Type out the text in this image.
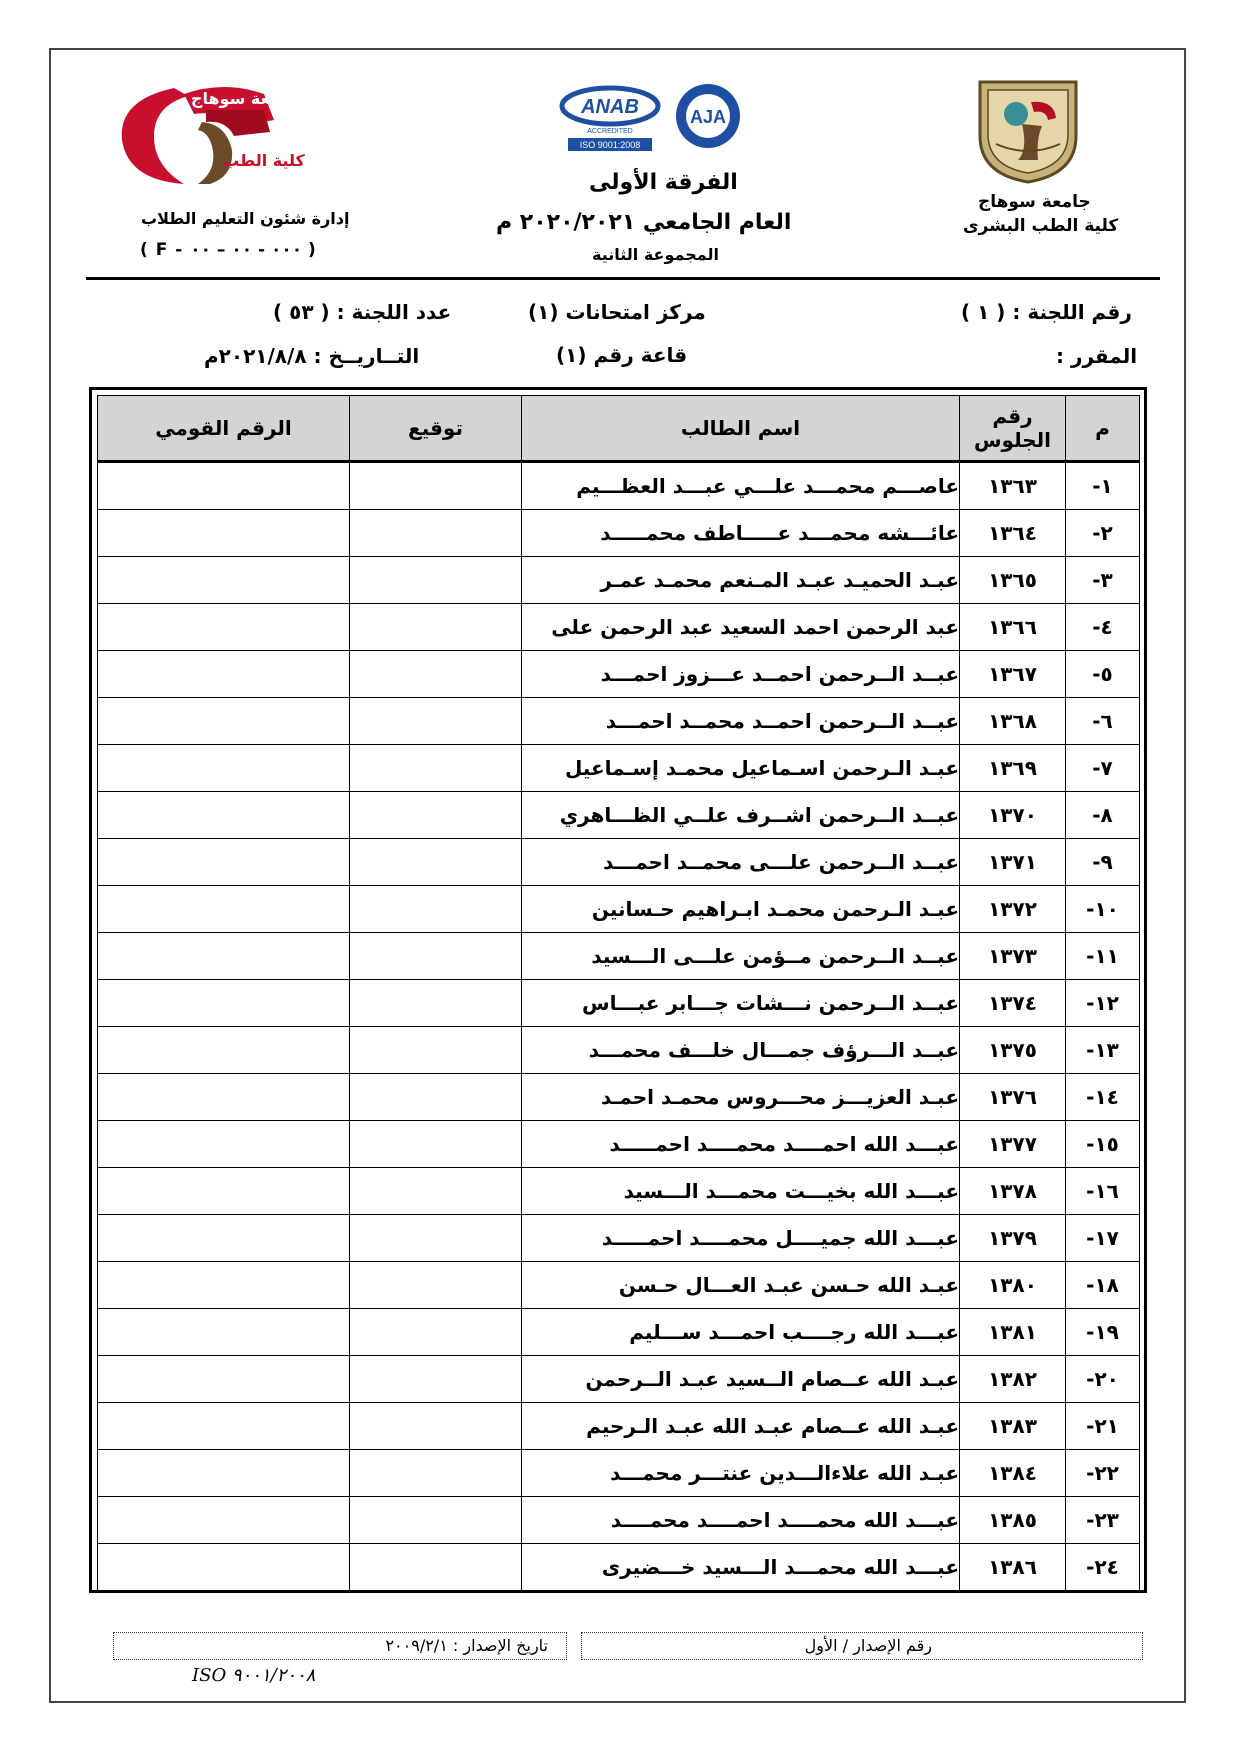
جامعة سوهاج
كلية الطب البشرى
ANAB
ACCREDITED
ISO 9001:2008
AJA
جامعة سوهاج
كلية الطب
إدارة شئون التعليم الطلاب
( F - ٠٠٠ - ٠٠ – ٠٠ )
الفرقة الأولى
العام الجامعي ٢٠٢٠/٢٠٢١ م
المجموعة الثانية
رقم اللجنة : ( ١ )
مركز امتحانات (١)
عدد اللجنة : ( ٥٣ )
المقرر :
قاعة رقم (١)
التــاريــخ : ٢٠٢١/٨/٨م
م	رقم الجلوس	اسم الطالب	توقيع	الرقم القومي
١-	١٣٦٣	عاصـــم محمـــد علـــي عبـــد العظـــيم		
٢-	١٣٦٤	عائـــشه محمـــد عـــــاطف محمـــــد		
٣-	١٣٦٥	عبـد الحميـد عبـد المـنعم محمـد عمـر		
٤-	١٣٦٦	عبد الرحمن احمد السعيد عبد الرحمن على		
٥-	١٣٦٧	عبــد الــرحمن احمــد عـــزوز احمـــد		
٦-	١٣٦٨	عبــد الــرحمن احمــد محمــد احمـــد		
٧-	١٣٦٩	عبـد الـرحمن اسـماعيل محمـد إسـماعيل		
٨-	١٣٧٠	عبــد الــرحمن اشــرف علــي الظـــاهري		
٩-	١٣٧١	عبــد الــرحمن علـــى محمــد احمـــد		
١٠-	١٣٧٢	عبـد الـرحمن محمـد ابـراهيم حـسانين		
١١-	١٣٧٣	عبــد الــرحمن مــؤمن علـــى الـــسيد		
١٢-	١٣٧٤	عبــد الــرحمن نـــشات جـــابر عبـــاس		
١٣-	١٣٧٥	عبــد الـــرؤف جمـــال خلـــف محمـــد		
١٤-	١٣٧٦	عبـد العزيـــز محـــروس محمـد احمـد		
١٥-	١٣٧٧	عبـــد الله احمــــد محمــــد احمـــــد		
١٦-	١٣٧٨	عبـــد الله بخيـــت محمـــد الـــسيد		
١٧-	١٣٧٩	عبـــد الله جميــــل محمــــد احمـــــد		
١٨-	١٣٨٠	عبـد الله حـسن عبـد العـــال حـسن		
١٩-	١٣٨١	عبـــد الله رجــــب احمـــد ســـليم		
٢٠-	١٣٨٢	عبـد الله عــصام الــسيد عبـد الــرحمن		
٢١-	١٣٨٣	عبـد الله عــصام عبـد الله عبـد الـرحيم		
٢٢-	١٣٨٤	عبـد الله علاءالـــدين عنتـــر محمـــد		
٢٣-	١٣٨٥	عبـــد الله محمــــد احمــــد محمــــد		
٢٤-	١٣٨٦	عبـــد الله محمـــد الـــسيد خـــضيرى		
رقم الإصدار / الأول
تاريخ الإصدار : ٢٠٠٩/٢/١
ISO ٩٠٠١/٢٠٠٨
